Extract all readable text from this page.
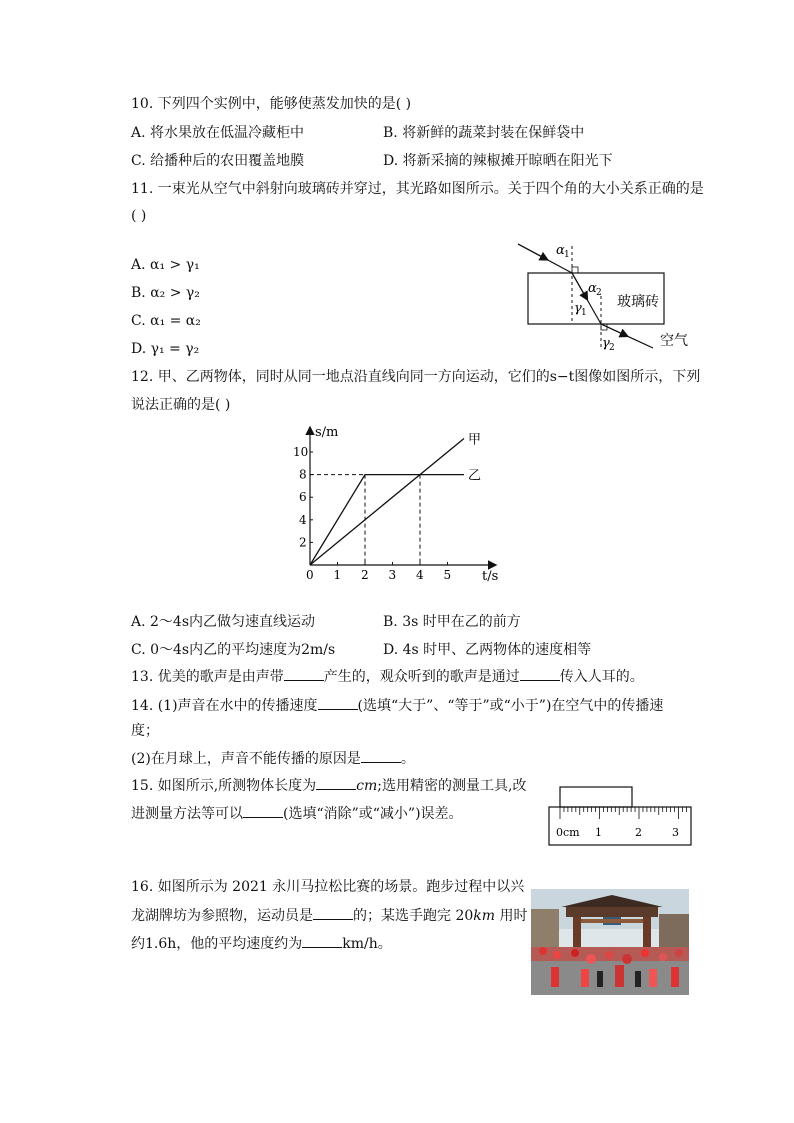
10. 下列四个实例中，能够使蒸发加快的是( )
A. 将水果放在低温冷藏柜中	B. 将新鲜的蔬菜封装在保鲜袋中
C. 给播种后的农田覆盖地膜	D. 将新采摘的辣椒摊开晾晒在阳光下
11. 一束光从空气中斜射向玻璃砖并穿过，其光路如图所示。关于四个角的大小关系正确的是
( )
A. α₁ > γ₁
B. α₂ > γ₂
C. α₁ = α₂
D. γ₁ = γ₂
α 1
α 2
γ 1
γ 2
玻璃砖
空气
12. 甲、乙两物体，同时从同一地点沿直线向同一方向运动，它们的s−t图像如图所示，下列
说法正确的是( )
s/m
t/s
0 1 2 3 4 5
2
4
6
8
10
甲
乙
A. 2～4s内乙做匀速直线运动	B. 3s 时甲在乙的前方
C. 0～4s内乙的平均速度为2m/s	D. 4s 时甲、乙两物体的速度相等
13. 优美的歌声是由声带	产生的，观众听到的歌声是通过	传入人耳的。
14. (1)声音在水中的传播速度	(选填“大于”、“等于”或“小于”)在空气中的传播速
度；
(2)在月球上，声音不能传播的原因是	。
15. 如图所示,所测物体长度为	cm;选用精密的测量工具,改
进测量方法等可以	(选填“消除”或“减小”)误差。
0cm 1	2	3
16. 如图所示为 2021 永川马拉松比赛的场景。跑步过程中以兴
龙湖牌坊为参照物，运动员是	的；某选手跑完 20km 用时
约1.6h，他的平均速度约为	km/h。
